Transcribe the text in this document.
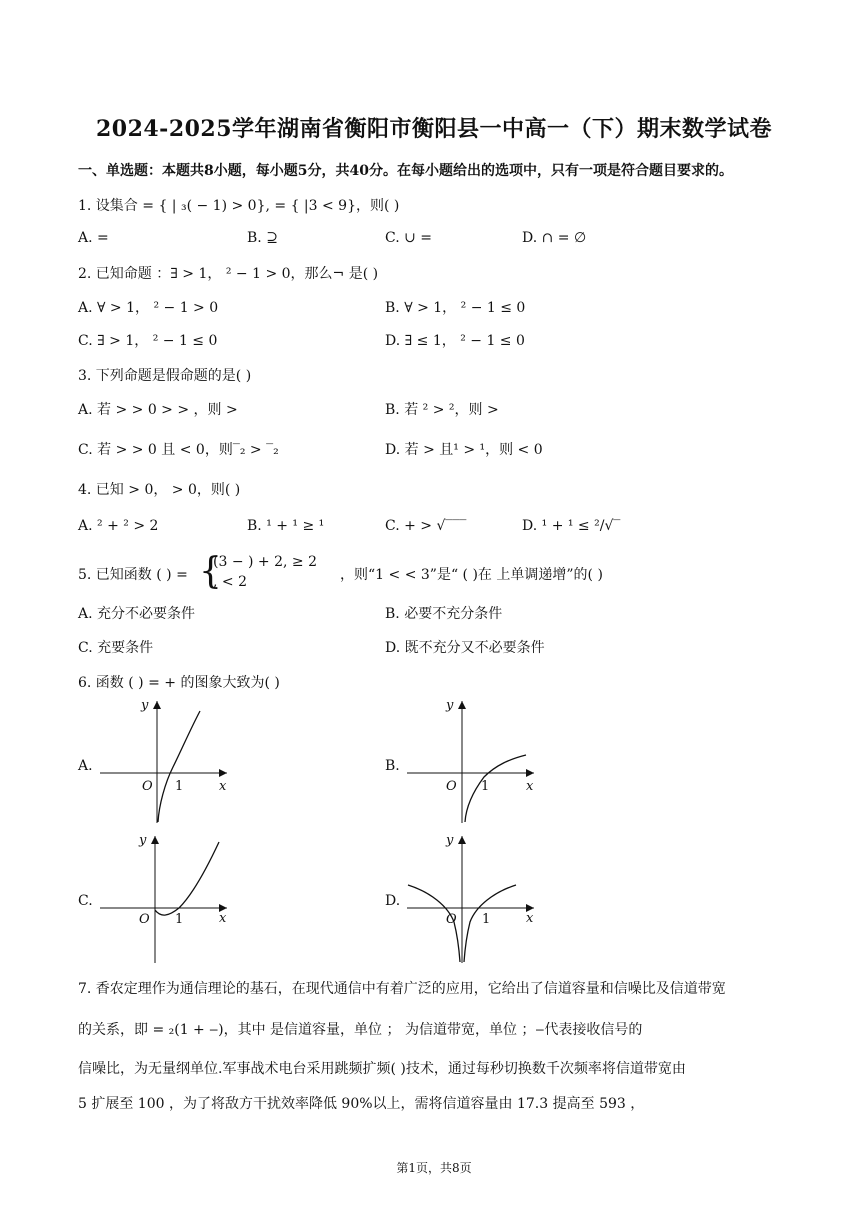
2024-2025学年湖南省衡阳市衡阳县一中高一（下）期末数学试卷
一、单选题：本题共8小题，每小题5分，共40分。在每小题给出的选项中，只有一项是符合题目要求的。
1. 设集合 = { | ₃( − 1) > 0}, = { |3 < 9}，则( )
A. =	B. ⊇	C. ∪ =	D. ∩ = ∅
2. 已知命题 ：∃ > 1， ² − 1 > 0，那么¬ 是( )
A. ∀ > 1， ² − 1 > 0	B. ∀ > 1， ² − 1 ≤ 0
C. ∃ > 1， ² − 1 ≤ 0	D. ∃ ≤ 1， ² − 1 ≤ 0
3. 下列命题是假命题的是( )
A. 若 > > 0 > > ，则 >	B. 若 ² > ²，则 >
C. 若 > > 0 且 < 0，则‾₂ > ‾₂	D. 若 > 且¹ > ¹，则 < 0
4. 已知 > 0， > 0，则( )
A. ² + ² > 2	B. ¹ + ¹ ≥ ¹	C. + > √‾‾‾	D. ¹ + ¹ ≤ ²/√‾
5. 已知函数 ( ) = {
(3 − ) + 2, ≥ 2
, < 2	，则“1 < < 3”是“ ( )在 上单调递增”的( )
A. 充分不必要条件	B. 必要不充分条件
C. 充要条件	D. 既不充分又不必要条件
6. 函数 ( ) = + 的图象大致为( )
A.	B.
C.	D.
y
x
O 1
y
x
O 1
y
x
O 1
y
x
O 1
7. 香农定理作为通信理论的基石，在现代通信中有着广泛的应用，它给出了信道容量和信噪比及信道带宽
的关系，即 = ₂(1 + ‒)，其中 是信道容量，单位 ； 为信道带宽，单位 ；‒代表接收信号的
信噪比，为无量纲单位.军事战术电台采用跳频扩频( )技术，通过每秒切换数千次频率将信道带宽由
5 扩展至 100 ，为了将敌方干扰效率降低 90%以上，需将信道容量由 17.3 提高至 593 ，
第1页，共8页
